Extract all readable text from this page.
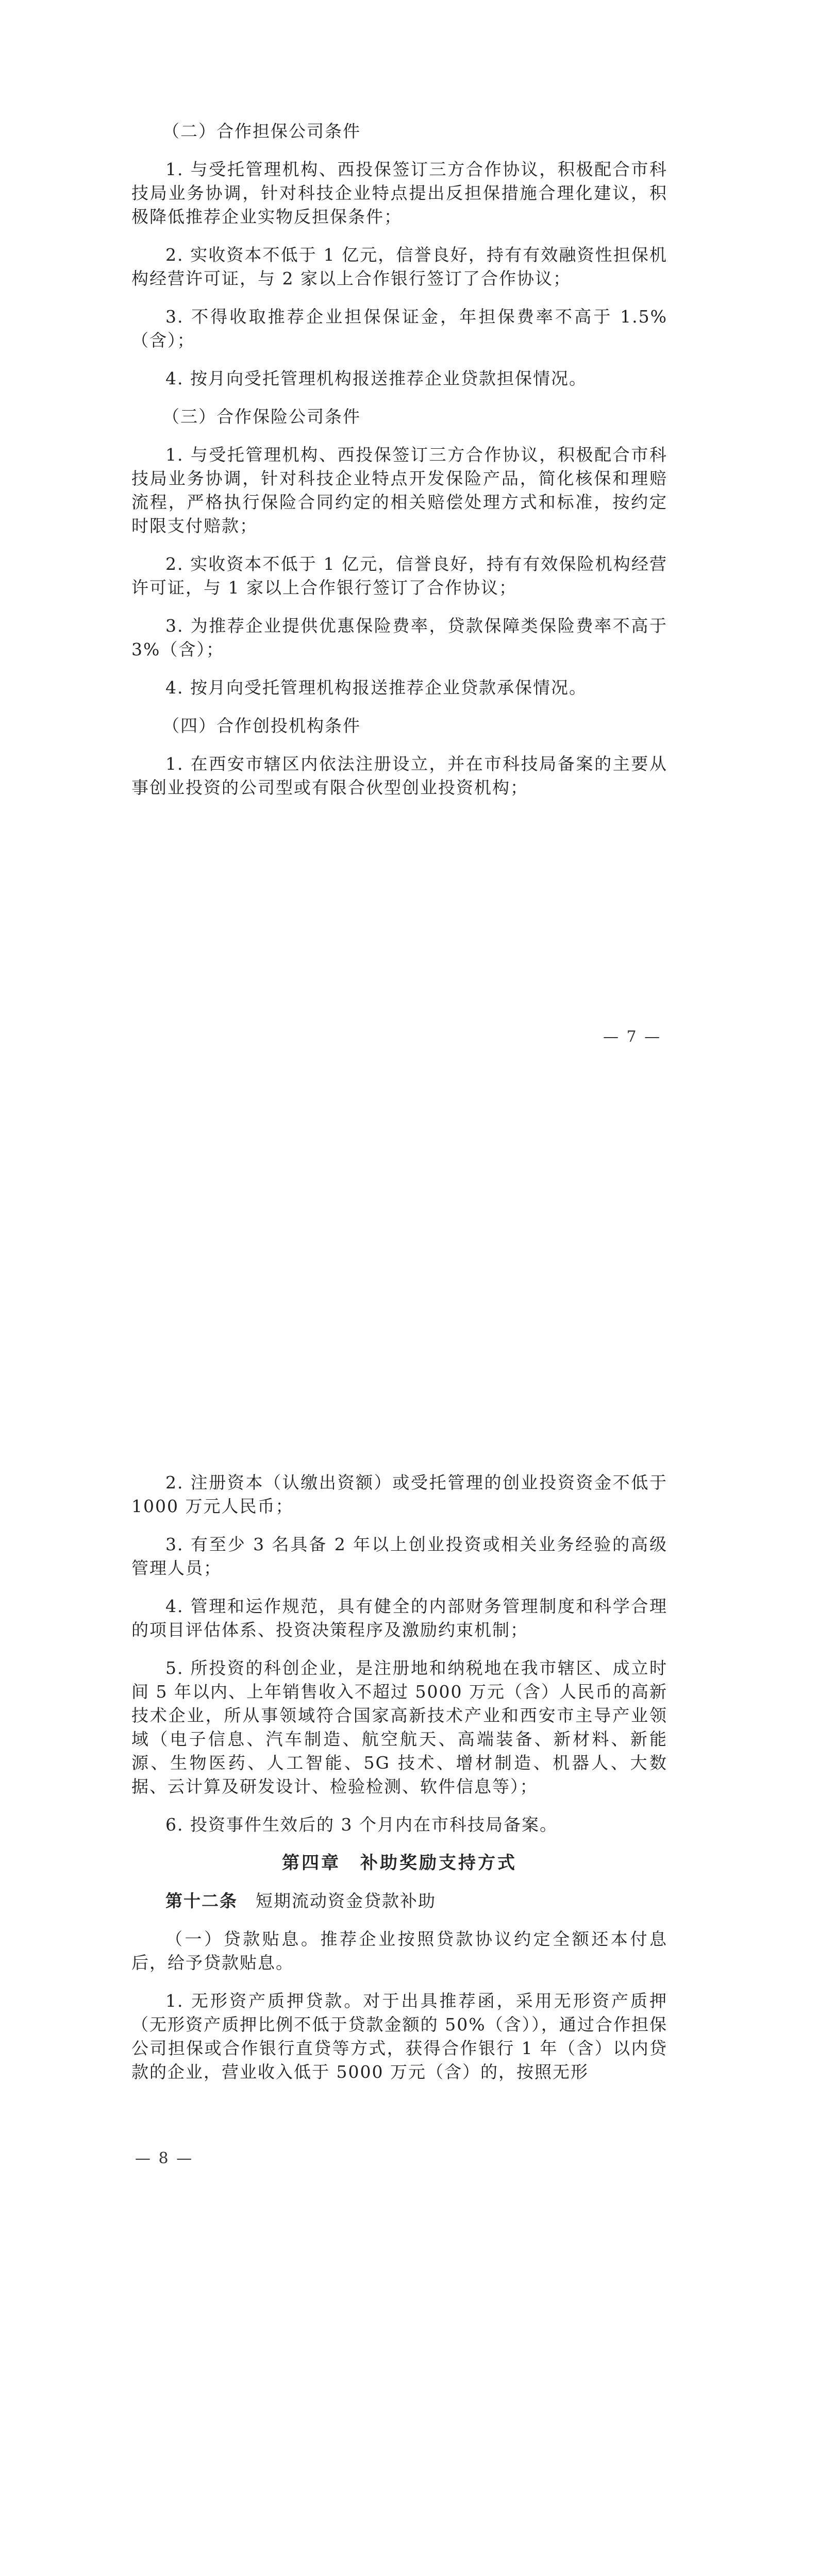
（二）合作担保公司条件

1. 与受托管理机构、西投保签订三方合作协议，积极配合市科技局业务协调，针对科技企业特点提出反担保措施合理化建议，积极降低推荐企业实物反担保条件；

2. 实收资本不低于 1 亿元，信誉良好，持有有效融资性担保机构经营许可证，与 2 家以上合作银行签订了合作协议；

3. 不得收取推荐企业担保保证金，年担保费率不高于 1.5%（含）；

4. 按月向受托管理机构报送推荐企业贷款担保情况。

（三）合作保险公司条件

1. 与受托管理机构、西投保签订三方合作协议，积极配合市科技局业务协调，针对科技企业特点开发保险产品，简化核保和理赔流程，严格执行保险合同约定的相关赔偿处理方式和标准，按约定时限支付赔款；

2. 实收资本不低于 1 亿元，信誉良好，持有有效保险机构经营许可证，与 1 家以上合作银行签订了合作协议；

3. 为推荐企业提供优惠保险费率，贷款保障类保险费率不高于 3%（含）；

4. 按月向受托管理机构报送推荐企业贷款承保情况。

（四）合作创投机构条件

1. 在西安市辖区内依法注册设立，并在市科技局备案的主要从事创业投资的公司型或有限合伙型创业投资机构；

— 7 —

2. 注册资本（认缴出资额）或受托管理的创业投资资金不低于 1000 万元人民币；

3. 有至少 3 名具备 2 年以上创业投资或相关业务经验的高级管理人员；

4. 管理和运作规范，具有健全的内部财务管理制度和科学合理的项目评估体系、投资决策程序及激励约束机制；

5. 所投资的科创企业，是注册地和纳税地在我市辖区、成立时间 5 年以内、上年销售收入不超过 5000 万元（含）人民币的高新技术企业，所从事领域符合国家高新技术产业和西安市主导产业领域（电子信息、汽车制造、航空航天、高端装备、新材料、新能源、生物医药、人工智能、5G 技术、增材制造、机器人、大数据、云计算及研发设计、检验检测、软件信息等）；

6. 投资事件生效后的 3 个月内在市科技局备案。

第四章　补助奖励支持方式

第十二条　短期流动资金贷款补助

（一）贷款贴息。推荐企业按照贷款协议约定全额还本付息后，给予贷款贴息。

1. 无形资产质押贷款。对于出具推荐函，采用无形资产质押（无形资产质押比例不低于贷款金额的 50%（含）），通过合作担保公司担保或合作银行直贷等方式，获得合作银行 1 年（含）以内贷款的企业，营业收入低于 5000 万元（含）的，按照无形

— 8 —
